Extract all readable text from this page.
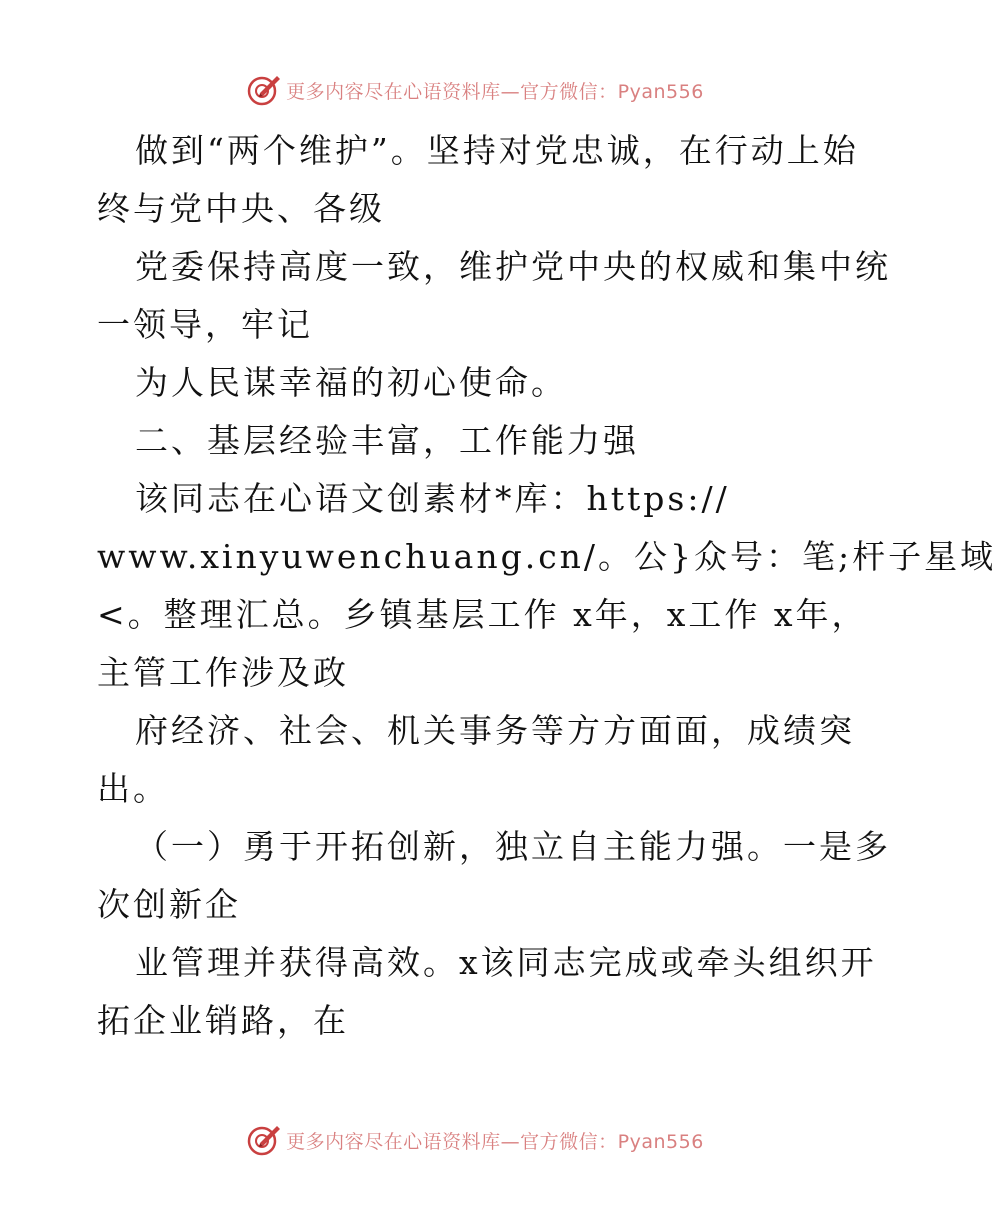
更多内容尽在心语资料库—官方微信：Pyan556
做到“两个维护”。坚持对党忠诚，在行动上始
终与党中央、各级
党委保持高度一致，维护党中央的权威和集中统
一领导，牢记
为人民谋幸福的初心使命。
二、基层经验丰富，工作能力强
该同志在心语文创素材*库：https://
www.xinyuwenchuang.cn/。公}众号：笔;杆子星域
<。整理汇总。乡镇基层工作 x年，x工作 x年，
主管工作涉及政
府经济、社会、机关事务等方方面面，成绩突
出。
（一）勇于开拓创新，独立自主能力强。一是多
次创新企
业管理并获得高效。x该同志完成或牵头组织开
拓企业销路，在
更多内容尽在心语资料库—官方微信：Pyan556
